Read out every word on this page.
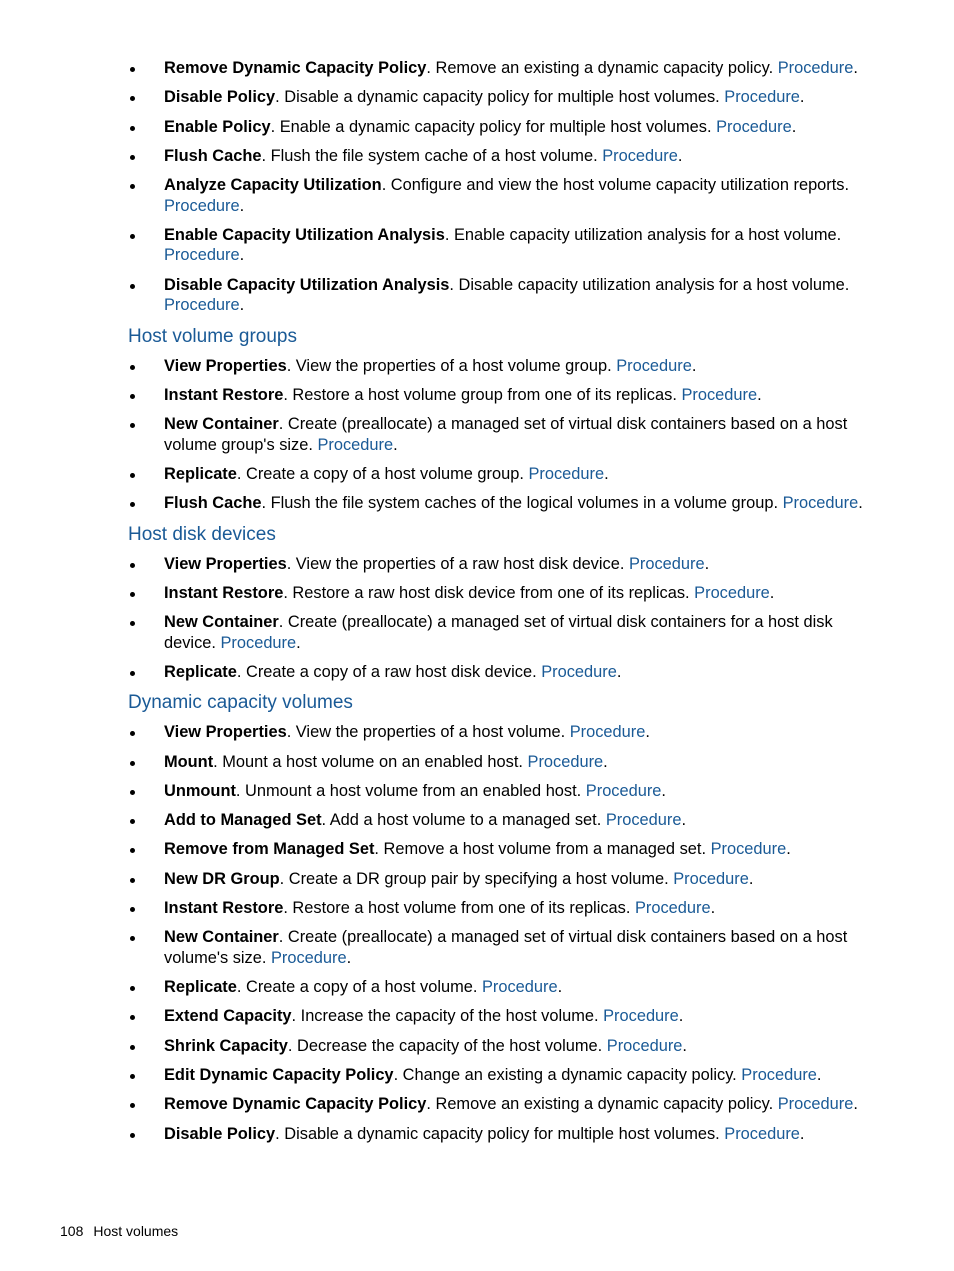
Remove Dynamic Capacity Policy. Remove an existing a dynamic capacity policy. Procedure.
Disable Policy. Disable a dynamic capacity policy for multiple host volumes. Procedure.
Enable Policy. Enable a dynamic capacity policy for multiple host volumes. Procedure.
Flush Cache. Flush the file system cache of a host volume. Procedure.
Analyze Capacity Utilization. Configure and view the host volume capacity utilization reports. Procedure.
Enable Capacity Utilization Analysis. Enable capacity utilization analysis for a host volume. Procedure.
Disable Capacity Utilization Analysis. Disable capacity utilization analysis for a host volume. Procedure.
Host volume groups
View Properties. View the properties of a host volume group. Procedure.
Instant Restore. Restore a host volume group from one of its replicas. Procedure.
New Container. Create (preallocate) a managed set of virtual disk containers based on a host volume group's size. Procedure.
Replicate. Create a copy of a host volume group. Procedure.
Flush Cache. Flush the file system caches of the logical volumes in a volume group. Procedure.
Host disk devices
View Properties. View the properties of a raw host disk device. Procedure.
Instant Restore. Restore a raw host disk device from one of its replicas. Procedure.
New Container. Create (preallocate) a managed set of virtual disk containers for a host disk device. Procedure.
Replicate. Create a copy of a raw host disk device. Procedure.
Dynamic capacity volumes
View Properties. View the properties of a host volume. Procedure.
Mount. Mount a host volume on an enabled host. Procedure.
Unmount. Unmount a host volume from an enabled host. Procedure.
Add to Managed Set. Add a host volume to a managed set. Procedure.
Remove from Managed Set. Remove a host volume from a managed set. Procedure.
New DR Group. Create a DR group pair by specifying a host volume. Procedure.
Instant Restore. Restore a host volume from one of its replicas. Procedure.
New Container. Create (preallocate) a managed set of virtual disk containers based on a host volume's size. Procedure.
Replicate. Create a copy of a host volume. Procedure.
Extend Capacity. Increase the capacity of the host volume. Procedure.
Shrink Capacity. Decrease the capacity of the host volume. Procedure.
Edit Dynamic Capacity Policy. Change an existing a dynamic capacity policy. Procedure.
Remove Dynamic Capacity Policy. Remove an existing a dynamic capacity policy. Procedure.
Disable Policy. Disable a dynamic capacity policy for multiple host volumes. Procedure.
108 Host volumes
